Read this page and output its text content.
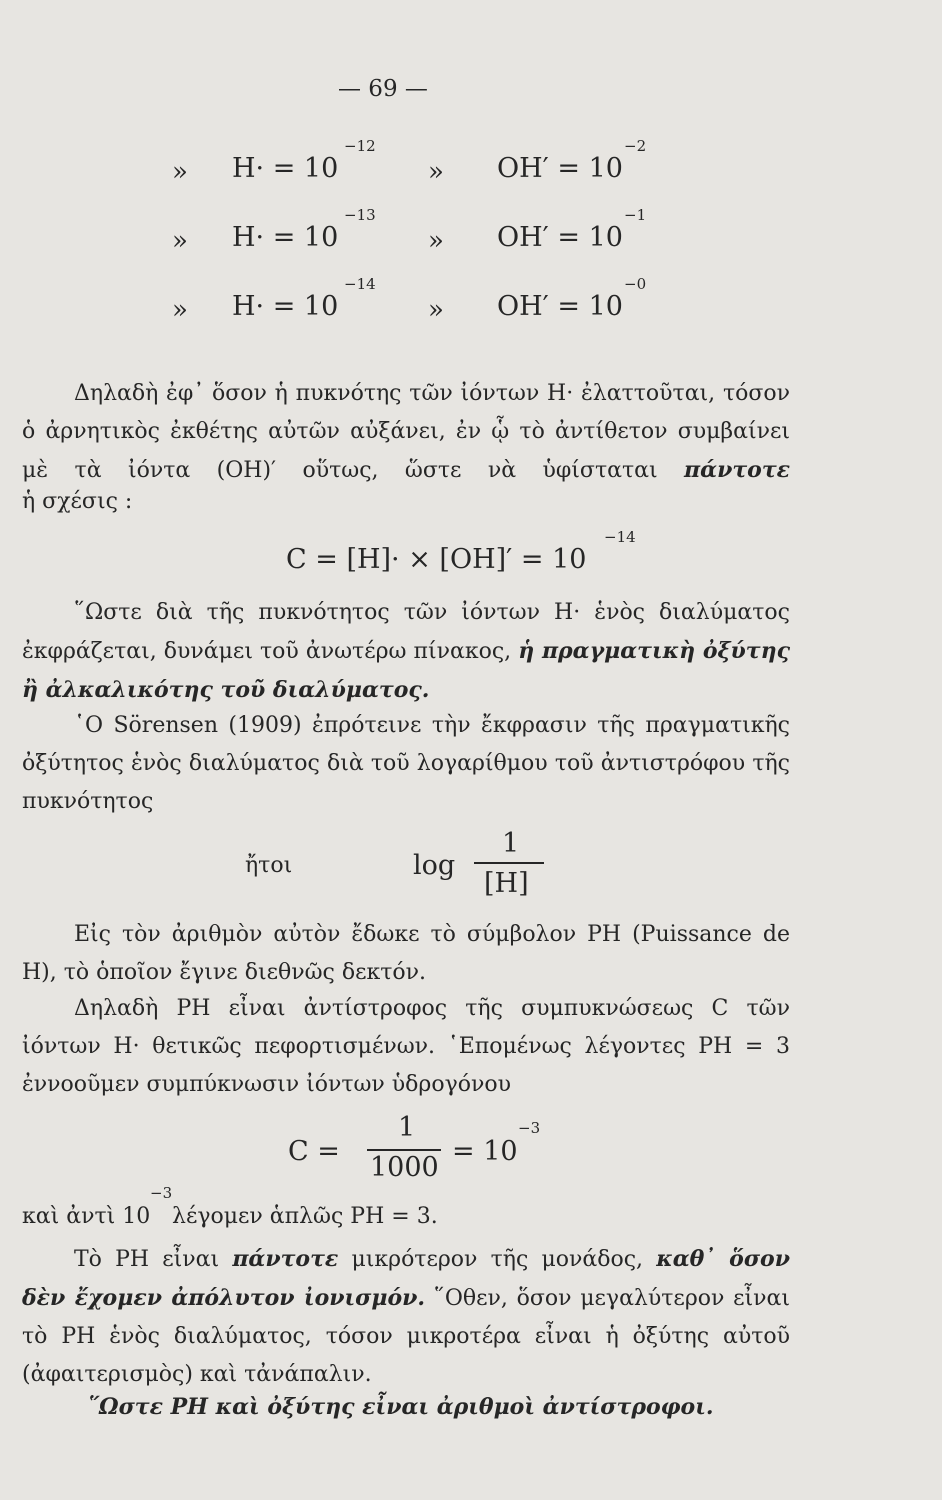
— 69 —
» H· = 10
−12
» OH′ = 10
−2
» H· = 10
−13
» OH′ = 10
−1
» H· = 10
−14
» OH′ = 10
−0
Δηλαδὴ ἐφ᾽ ὅσον ἡ πυκνότης τῶν ἰόντων H· ἐλαττοῦται, τόσον ὁ ἀρνητικὸς ἐκθέτης αὐτῶν αὐξάνει, ἐν ᾧ τὸ ἀντίθετον συμβαίνει μὲ τὰ ἰόντα (OH)′ οὕτως, ὥστε νὰ ὑφίσταται πάντοτε
ἡ σχέσις :
C = [H]· × [OH]′ = 10
−14
῞Ωστε διὰ τῆς πυκνότητος τῶν ἰόντων H· ἑνὸς διαλύματος ἐκφράζεται, δυνάμει τοῦ ἀνωτέρω πίνακος, ἡ πραγματικὴ ὀξύτης ἢ ἀλκαλικότης τοῦ διαλύματος.
῾Ο Sörensen (1909) ἐπρότεινε τὴν ἔκφρασιν τῆς πραγματικῆς ὀξύτητος ἑνὸς διαλύματος διὰ τοῦ λογαρίθμου τοῦ ἀντιστρόφου τῆς πυκνότητος
ἤτοι	log
1
[H]
Εἰς τὸν ἀριθμὸν αὐτὸν ἔδωκε τὸ σύμβολον PH (Puissance de H), τὸ ὁποῖον ἔγινε διεθνῶς δεκτόν.
Δηλαδὴ PH εἶναι ἀντίστροφος τῆς συμπυκνώσεως C τῶν ἰόντων H· θετικῶς πεφορτισμένων. ῾Επομένως λέγοντες PH = 3 ἐννοοῦμεν συμπύκνωσιν ἰόντων ὑδρογόνου
C =
1
1000
= 10
−3
καὶ ἀντὶ 10
−3
λέγομεν ἁπλῶς PH = 3.
Τὸ PH εἶναι πάντοτε μικρότερον τῆς μονάδος, καθ᾽ ὅσον δὲν ἔχομεν ἀπόλυτον ἰονισμόν. ῞Οθεν, ὅσον μεγαλύτερον εἶναι τὸ PH ἑνὸς διαλύματος, τόσον μικροτέρα εἶναι ἡ ὀξύτης αὐτοῦ (ἀφαιτερισμὸς) καὶ τἀνάπαλιν.
῞Ωστε PH καὶ ὀξύτης εἶναι ἀριθμοὶ ἀντίστροφοι.
